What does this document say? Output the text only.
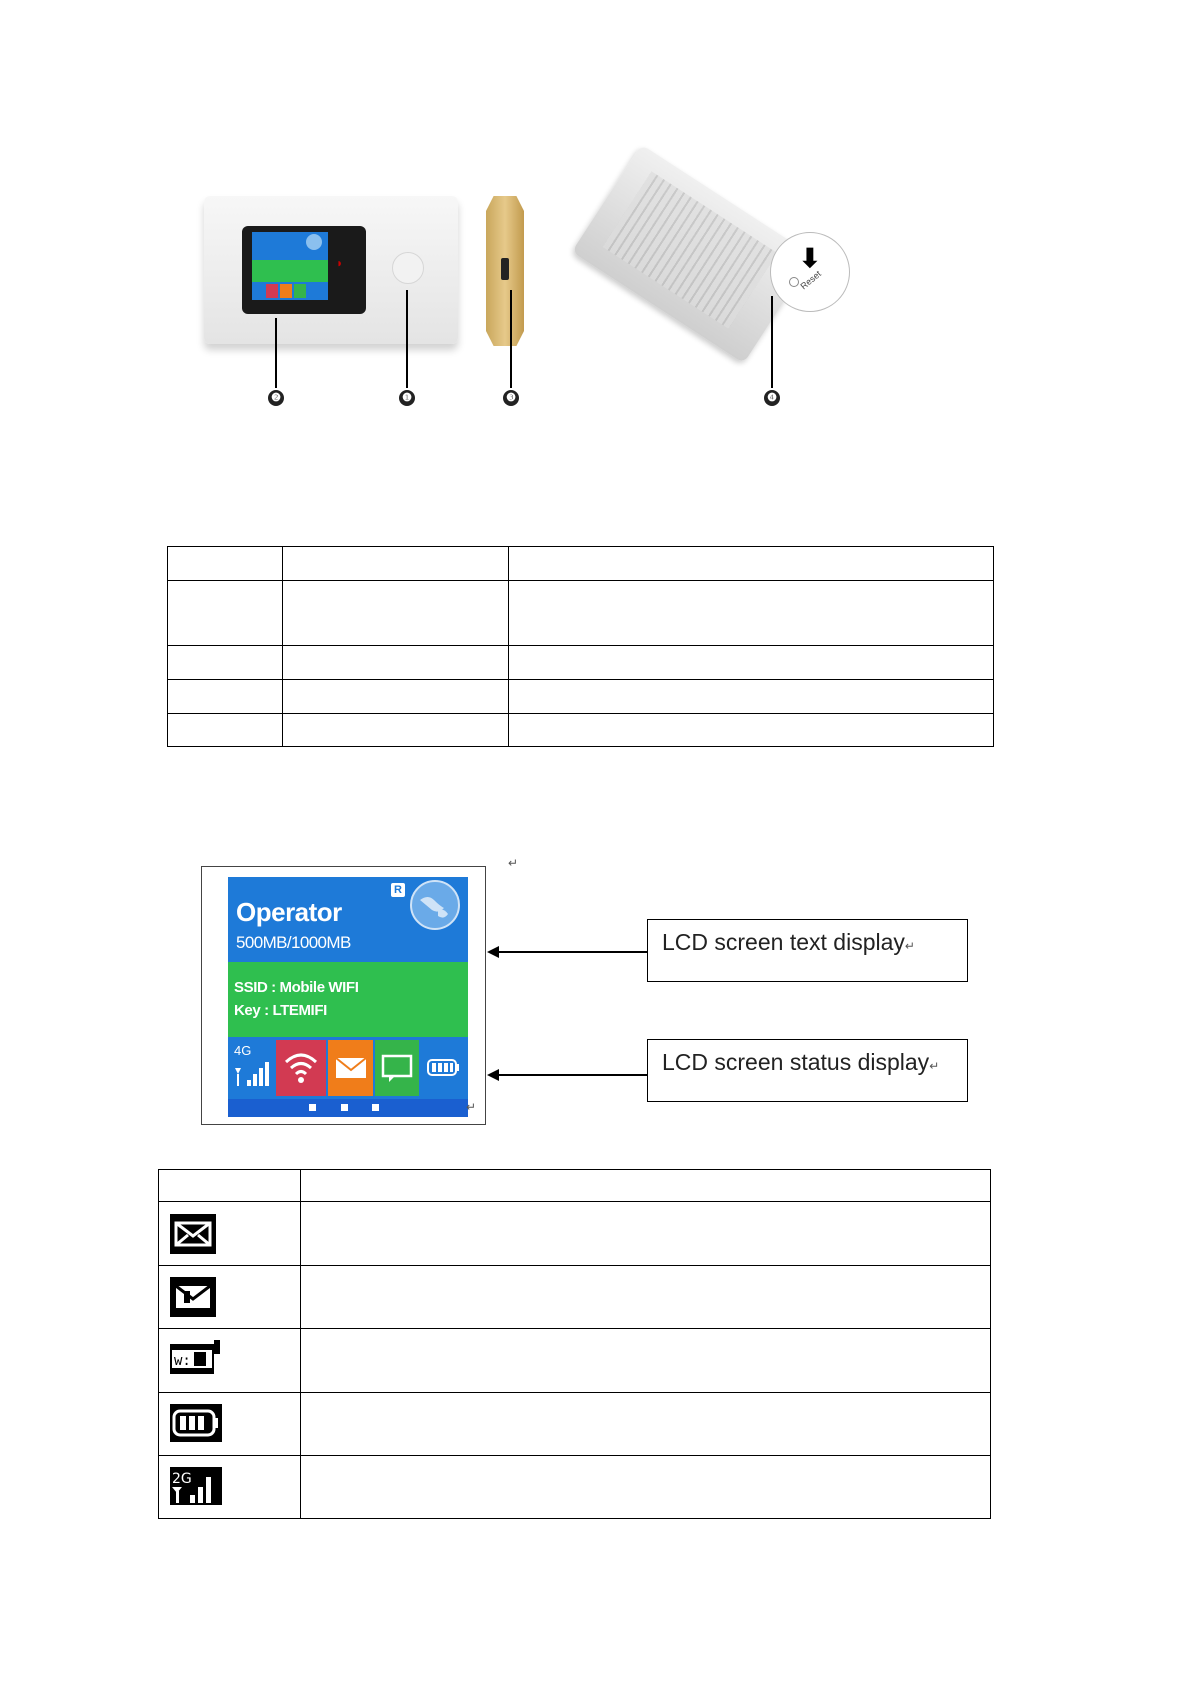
◗	⬇
Reset
❷	❶	❸	❹

↵
Operator
500MB/1000MB
R
SSID : Mobile WIFI
Key : LTEMIFI
4G
↵
LCD screen text display↵
LCD screen status display↵

w:
2G
